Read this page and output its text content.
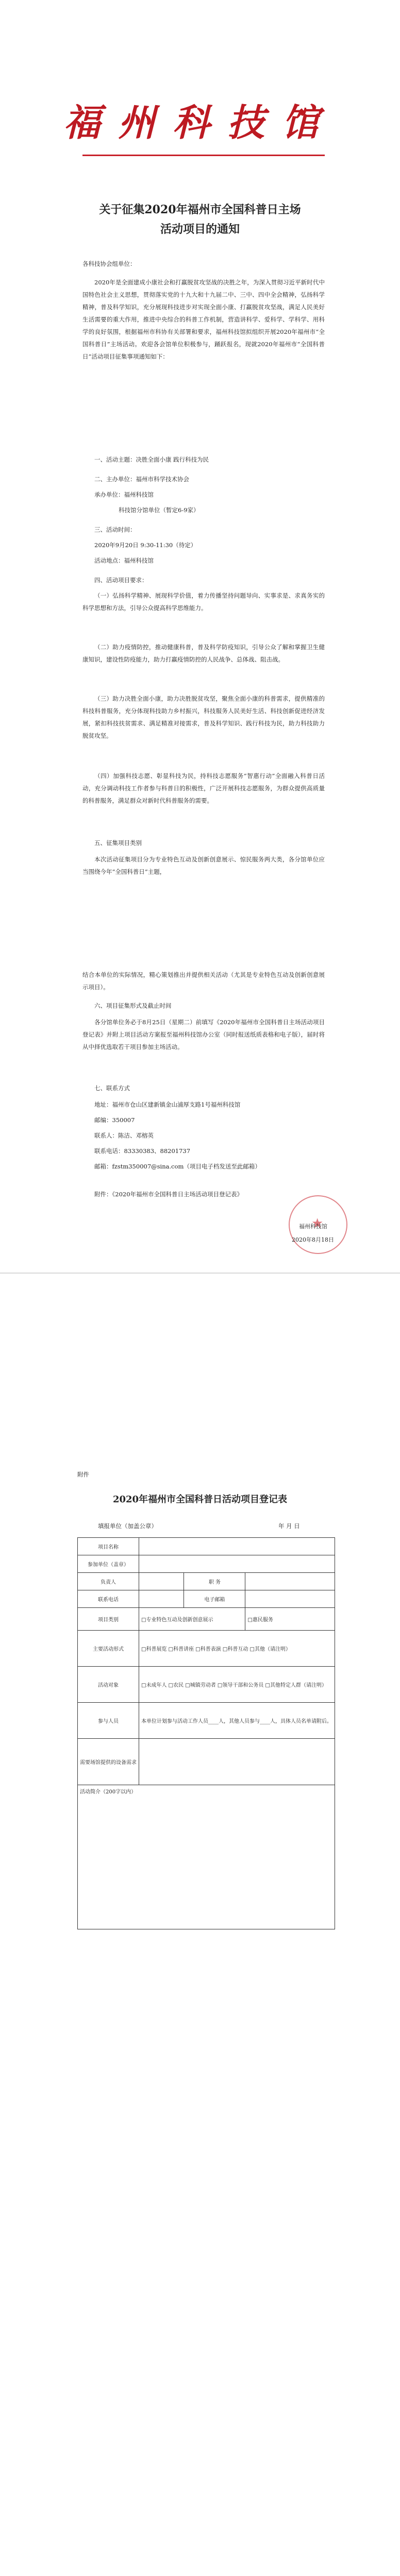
福州科技馆
关于征集2020年福州市全国科普日主场
活动项目的通知
各科技协会组单位：
2020年是全面建成小康社会和打赢脱贫攻坚战的决胜之年，为深入贯彻习近平新时代中国特色社会主义思想，贯彻落实党的十九大和十九届二中、三中、四中全会精神，弘扬科学精神，普及科学知识，充分展现科技进步对实现全面小康、打赢脱贫攻坚战，满足人民美好生活需要的重大作用，推进中央综合的科普工作机制，营造讲科学、爱科学、学科学、用科学的良好氛围，根据福州市科协有关部署和要求，福州科技馆拟组织开展2020年福州市“全国科普日”主场活动。欢迎各会馆单位积极参与，踊跃报名，现就2020年福州市“全国科普日”活动项目征集事项通知如下：
一、活动主题：决胜全面小康 践行科技为民
二、主办单位：福州市科学技术协会
承办单位：福州科技馆
科技馆分馆单位（暂定6-9家）
三、活动时间：
2020年9月20日 9:30-11:30（待定）
活动地点：福州科技馆
四、活动项目要求：
（一）弘扬科学精神、展现科学价值，着力传播坚持问题导向、实事求是、求真务实的科学思想和方法，引导公众提高科学思维能力。
（二）助力疫情防控，推动健康科普，普及科学防疫知识，引导公众了解和掌握卫生健康知识，建设性防疫能力，助力打赢疫情防控的人民战争、总体战、阻击战。
（三）助力决胜全面小康，助力决胜脱贫攻坚，聚焦全面小康的科普需求，提供精准的科技科普服务，充分体现科技助力乡村振兴，科技服务人民美好生活、科技创新促进经济发展，紧扣科技扶贫需求、满足精准对接需求，普及科学知识、践行科技为民，助力科技助力脱贫攻坚。
（四）加强科技志愿、彰显科技为民，持科技志愿服务“智惠行动”全面融入科普日活动，充分调动科技工作者参与科普日的积极性，广泛开展科技志愿服务，为群众提供高质量的科普服务，满足群众对新时代科普服务的需要。
五、征集项目类别
本次活动征集项目分为专业特色互动及创新创意展示、惊民服务两大类，各分馆单位应当围绕今年“全国科普日”主题，
结合本单位的实际情况，精心策划推出并提供相关活动（尤其是专业特色互动及创新创意展示项目）。
六、项目征集形式及截止时间
各分馆单位务必于8月25日（星期二）前填写《2020年福州市全国科普日主场活动项目登记表》并附上项目活动方案报至福州科技馆办公室（同时报送纸质表格和电子版），届时将从中择优选取若干项目参加主场活动。
七、联系方式
地址：福州市仓山区建新镇金山浦厚支路1号福州科技馆
邮编：350007
联系人：陈洁、邓榕英
联系电话：83330383、88201737
邮箱：fzstm350007@sina.com（项目电子档发送至此邮箱）
附件：《2020年福州市全国科普日主场活动项目登记表》
★
福州科技馆
2020年8月18日
附件
2020年福州市全国科普日活动项目登记表
填报单位（加盖公章）	年 月 日
项目名称			
参加单位（盖章）			
负责人		职 务	
联系电话		电子邮箱	
项目类别	□专业特色互动及创新创意展示		□惠民服务
主要活动形式	□科普展览 □科普讲座 □科普表演 □科普互动 □其他（请注明）		
活动对象	□未成年人 □农民 □城镇劳动者 □领导干部和公务员 □其他特定人群（请注明）		
参与人员	本单位计划参与活动工作人员____人，其他人员参与____人，具体人员名单请附后。		
需要场馆提供的设备需求			
活动简介（200字以内）			
